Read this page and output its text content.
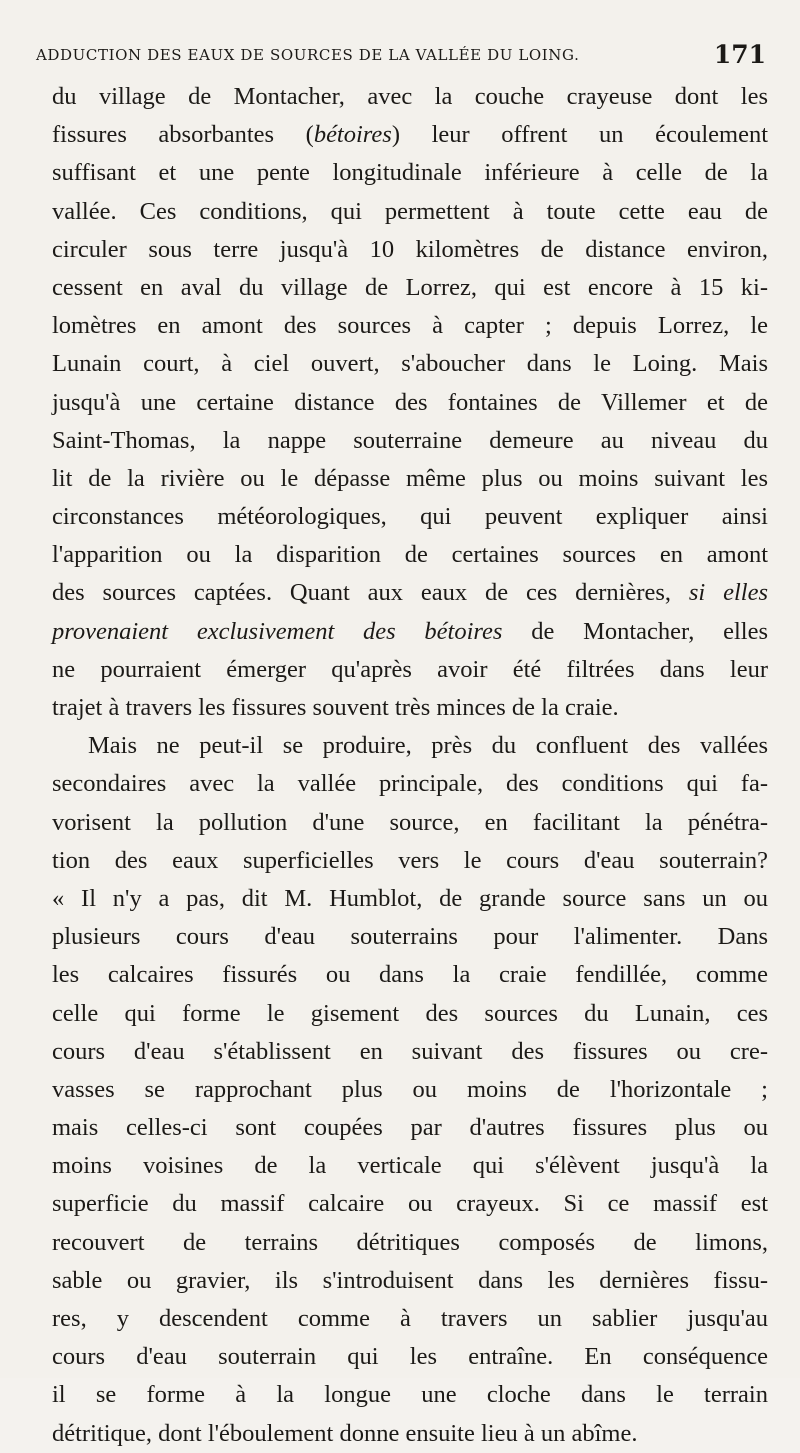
ADDUCTION DES EAUX DE SOURCES DE LA VALLÉE DU LOING.	171
du village de Montacher, avec la couche crayeuse dont les
fissures absorbantes (bétoires) leur offrent un écoulement
suffisant et une pente longitudinale inférieure à celle de la
vallée. Ces conditions, qui permettent à toute cette eau de
circuler sous terre jusqu'à 10 kilomètres de distance environ,
cessent en aval du village de Lorrez, qui est encore à 15 ki-
lomètres en amont des sources à capter ; depuis Lorrez, le
Lunain court, à ciel ouvert, s'aboucher dans le Loing. Mais
jusqu'à une certaine distance des fontaines de Villemer et de
Saint-Thomas, la nappe souterraine demeure au niveau du
lit de la rivière ou le dépasse même plus ou moins suivant les
circonstances météorologiques, qui peuvent expliquer ainsi
l'apparition ou la disparition de certaines sources en amont
des sources captées. Quant aux eaux de ces dernières, si elles
provenaient exclusivement des bétoires de Montacher, elles
ne pourraient émerger qu'après avoir été filtrées dans leur
trajet à travers les fissures souvent très minces de la craie.
Mais ne peut-il se produire, près du confluent des vallées
secondaires avec la vallée principale, des conditions qui fa-
vorisent la pollution d'une source, en facilitant la pénétra-
tion des eaux superficielles vers le cours d'eau souterrain?
« Il n'y a pas, dit M. Humblot, de grande source sans un ou
plusieurs cours d'eau souterrains pour l'alimenter. Dans
les calcaires fissurés ou dans la craie fendillée, comme
celle qui forme le gisement des sources du Lunain, ces
cours d'eau s'établissent en suivant des fissures ou cre-
vasses se rapprochant plus ou moins de l'horizontale ;
mais celles-ci sont coupées par d'autres fissures plus ou
moins voisines de la verticale qui s'élèvent jusqu'à la
superficie du massif calcaire ou crayeux. Si ce massif est
recouvert de terrains détritiques composés de limons,
sable ou gravier, ils s'introduisent dans les dernières fissu-
res, y descendent comme à travers un sablier jusqu'au
cours d'eau souterrain qui les entraîne. En conséquence
il se forme à la longue une cloche dans le terrain
détritique, dont l'éboulement donne ensuite lieu à un abîme.
